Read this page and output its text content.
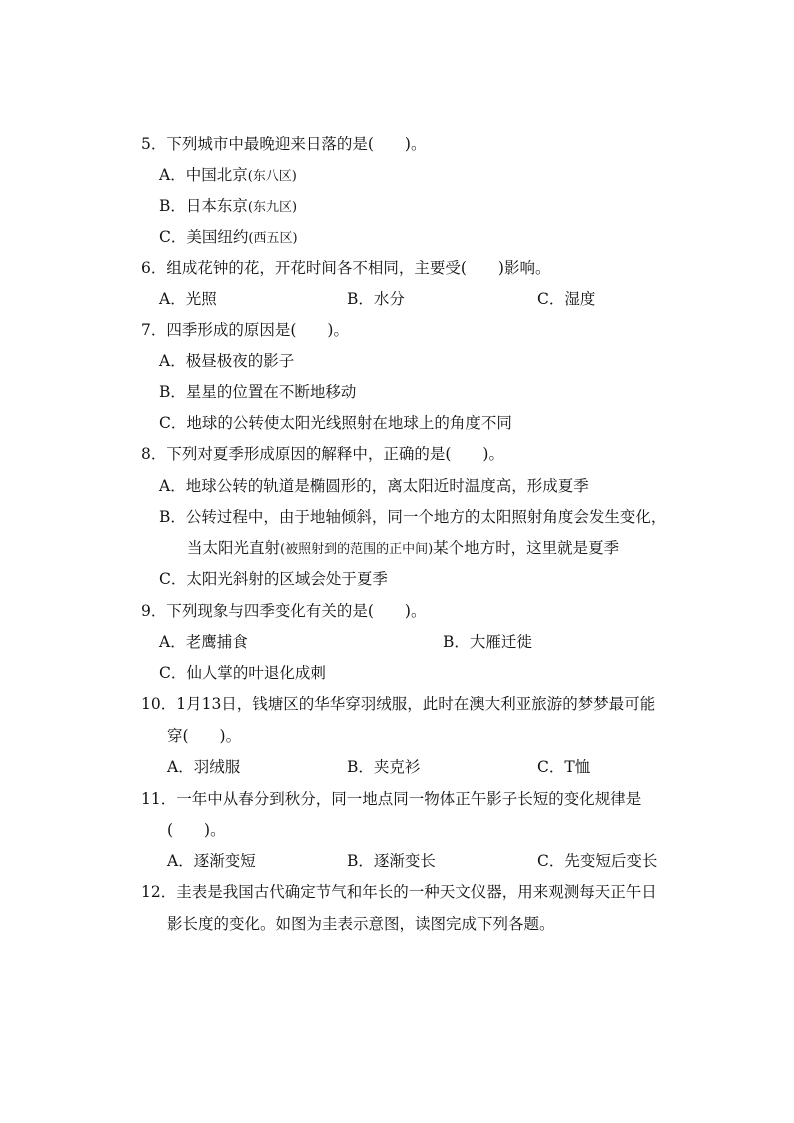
5．下列城市中最晚迎来日落的是(　　)。
A．中国北京(东八区)
B．日本东京(东九区)
C．美国纽约(西五区)
6．组成花钟的花，开花时间各不相同，主要受(　　)影响。
A．光照	B．水分	C．湿度
7．四季形成的原因是(　　)。
A．极昼极夜的影子
B．星星的位置在不断地移动
C．地球的公转使太阳光线照射在地球上的角度不同
8．下列对夏季形成原因的解释中，正确的是(　　)。
A．地球公转的轨道是椭圆形的，离太阳近时温度高，形成夏季
B．公转过程中，由于地轴倾斜，同一个地方的太阳照射角度会发生变化，
当太阳光直射(被照射到的范围的正中间)某个地方时，这里就是夏季
C．太阳光斜射的区域会处于夏季
9．下列现象与四季变化有关的是(　　)。
A．老鹰捕食	B．大雁迁徙
C．仙人掌的叶退化成刺
10．1月13日，钱塘区的华华穿羽绒服，此时在澳大利亚旅游的梦梦最可能
穿(　　)。
A．羽绒服	B．夹克衫	C．T恤
11．一年中从春分到秋分，同一地点同一物体正午影子长短的变化规律是
(　　)。
A．逐渐变短	B．逐渐变长	C．先变短后变长
12．圭表是我国古代确定节气和年长的一种天文仪器，用来观测每天正午日
影长度的变化。如图为圭表示意图，读图完成下列各题。
